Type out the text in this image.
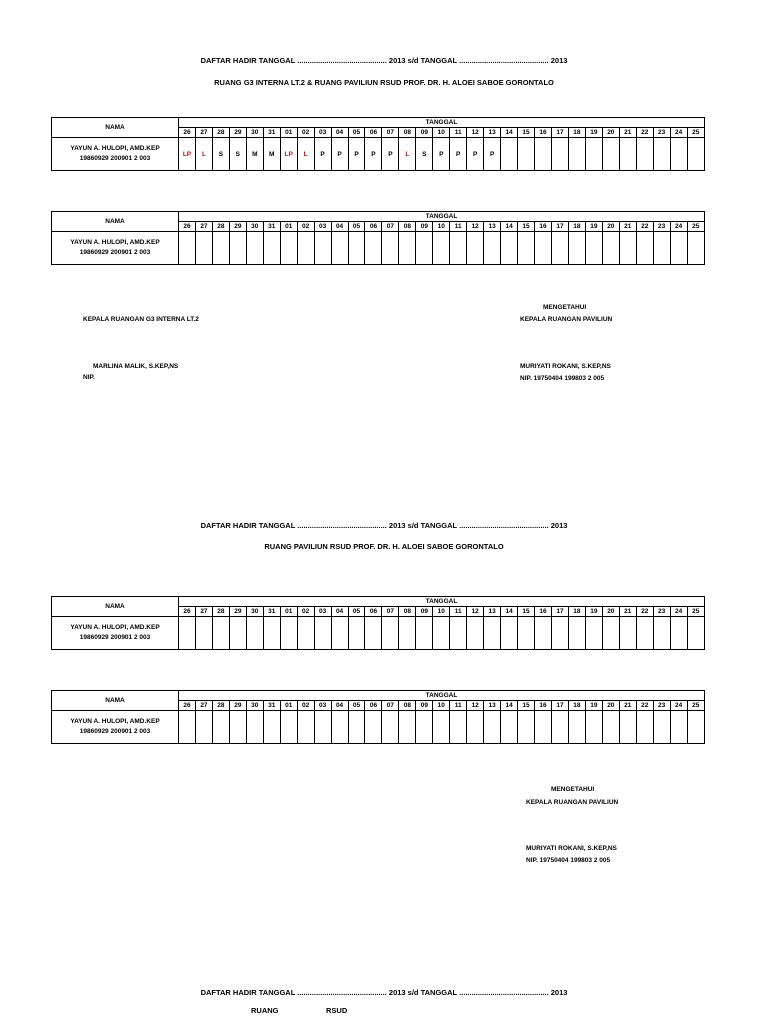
DAFTAR HADIR TANGGAL ........................................... 2013 s/d TANGGAL ........................................... 2013
RUANG G3 INTERNA LT.2 & RUANG PAVILIUN RSUD PROF. DR. H. ALOEI SABOE GORONTALO
NAMA	TANGGAL																														
	26	27	28	29	30	31	01	02	03	04	05	06	07	08	09	10	11	12	13	14	15	16	17	18	19	20	21	22	23	24	25

YAYUN A. HULOPI, AMD.KEP
19860929 200901 2 003	LP	L	S	S	M	M	LP	L	P	P	P	P	P	L	S	P	P	P	P												
NAMA	TANGGAL																														
	26	27	28	29	30	31	01	02	03	04	05	06	07	08	09	10	11	12	13	14	15	16	17	18	19	20	21	22	23	24	25

YAYUN A. HULOPI, AMD.KEP
19860929 200901 2 003																															

KEPALA RUANGAN G3 INTERNA LT.2
MARLINA MALIK, S.KEP,NS
NIP.
MENGETAHUI
KEPALA RUANGAN PAVILIUN
MURIYATI ROKANI, S.KEP,NS
NIP. 19750404 199803 2 005
DAFTAR HADIR TANGGAL ........................................... 2013 s/d TANGGAL ........................................... 2013
RUANG PAVILIUN RSUD PROF. DR. H. ALOEI SABOE GORONTALO
NAMA	TANGGAL																														
	26	27	28	29	30	31	01	02	03	04	05	06	07	08	09	10	11	12	13	14	15	16	17	18	19	20	21	22	23	24	25

YAYUN A. HULOPI, AMD.KEP
19860929 200901 2 003																															

NAMA	TANGGAL																														
	26	27	28	29	30	31	01	02	03	04	05	06	07	08	09	10	11	12	13	14	15	16	17	18	19	20	21	22	23	24	25

YAYUN A. HULOPI, AMD.KEP
19860929 200901 2 003																															

MENGETAHUI
KEPALA RUANGAN PAVILIUN
MURIYATI ROKANI, S.KEP,NS
NIP. 19750404 199803 2 005
DAFTAR HADIR TANGGAL ........................................... 2013 s/d TANGGAL ........................................... 2013
RUANG	RSUD
